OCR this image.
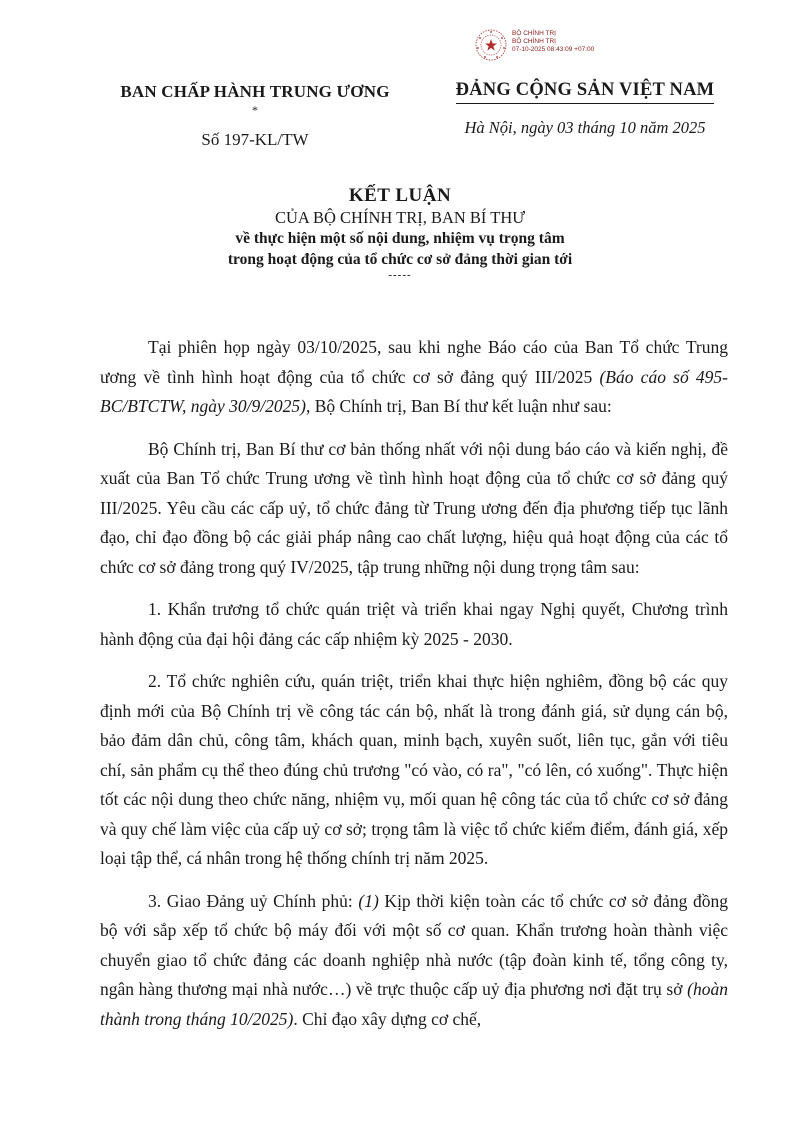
BỘ CHÍNH TRỊ
BỘ CHÍNH TRỊ
07-10-2025 08:43:09 +07:00
BAN CHẤP HÀNH TRUNG ƯƠNG
*
Số 197-KL/TW
ĐẢNG CỘNG SẢN VIỆT NAM
Hà Nội, ngày 03 tháng 10 năm 2025
KẾT LUẬN
CỦA BỘ CHÍNH TRỊ, BAN BÍ THƯ
về thực hiện một số nội dung, nhiệm vụ trọng tâm
trong hoạt động của tổ chức cơ sở đảng thời gian tới
-----

Tại phiên họp ngày 03/10/2025, sau khi nghe Báo cáo của Ban Tổ chức Trung ương về tình hình hoạt động của tổ chức cơ sở đảng quý III/2025 (Báo cáo số 495-BC/BTCTW, ngày 30/9/2025), Bộ Chính trị, Ban Bí thư kết luận như sau:

Bộ Chính trị, Ban Bí thư cơ bản thống nhất với nội dung báo cáo và kiến nghị, đề xuất của Ban Tổ chức Trung ương về tình hình hoạt động của tổ chức cơ sở đảng quý III/2025. Yêu cầu các cấp uỷ, tổ chức đảng từ Trung ương đến địa phương tiếp tục lãnh đạo, chỉ đạo đồng bộ các giải pháp nâng cao chất lượng, hiệu quả hoạt động của các tổ chức cơ sở đảng trong quý IV/2025, tập trung những nội dung trọng tâm sau:

1. Khẩn trương tổ chức quán triệt và triển khai ngay Nghị quyết, Chương trình hành động của đại hội đảng các cấp nhiệm kỳ 2025 - 2030.

2. Tổ chức nghiên cứu, quán triệt, triển khai thực hiện nghiêm, đồng bộ các quy định mới của Bộ Chính trị về công tác cán bộ, nhất là trong đánh giá, sử dụng cán bộ, bảo đảm dân chủ, công tâm, khách quan, minh bạch, xuyên suốt, liên tục, gắn với tiêu chí, sản phẩm cụ thể theo đúng chủ trương "có vào, có ra", "có lên, có xuống". Thực hiện tốt các nội dung theo chức năng, nhiệm vụ, mối quan hệ công tác của tổ chức cơ sở đảng và quy chế làm việc của cấp uỷ cơ sở; trọng tâm là việc tổ chức kiểm điểm, đánh giá, xếp loại tập thể, cá nhân trong hệ thống chính trị năm 2025.

3. Giao Đảng uỷ Chính phủ: (1) Kịp thời kiện toàn các tổ chức cơ sở đảng đồng bộ với sắp xếp tổ chức bộ máy đối với một số cơ quan. Khẩn trương hoàn thành việc chuyển giao tổ chức đảng các doanh nghiệp nhà nước (tập đoàn kinh tế, tổng công ty, ngân hàng thương mại nhà nước…) về trực thuộc cấp uỷ địa phương nơi đặt trụ sở (hoàn thành trong tháng 10/2025). Chỉ đạo xây dựng cơ chế,
